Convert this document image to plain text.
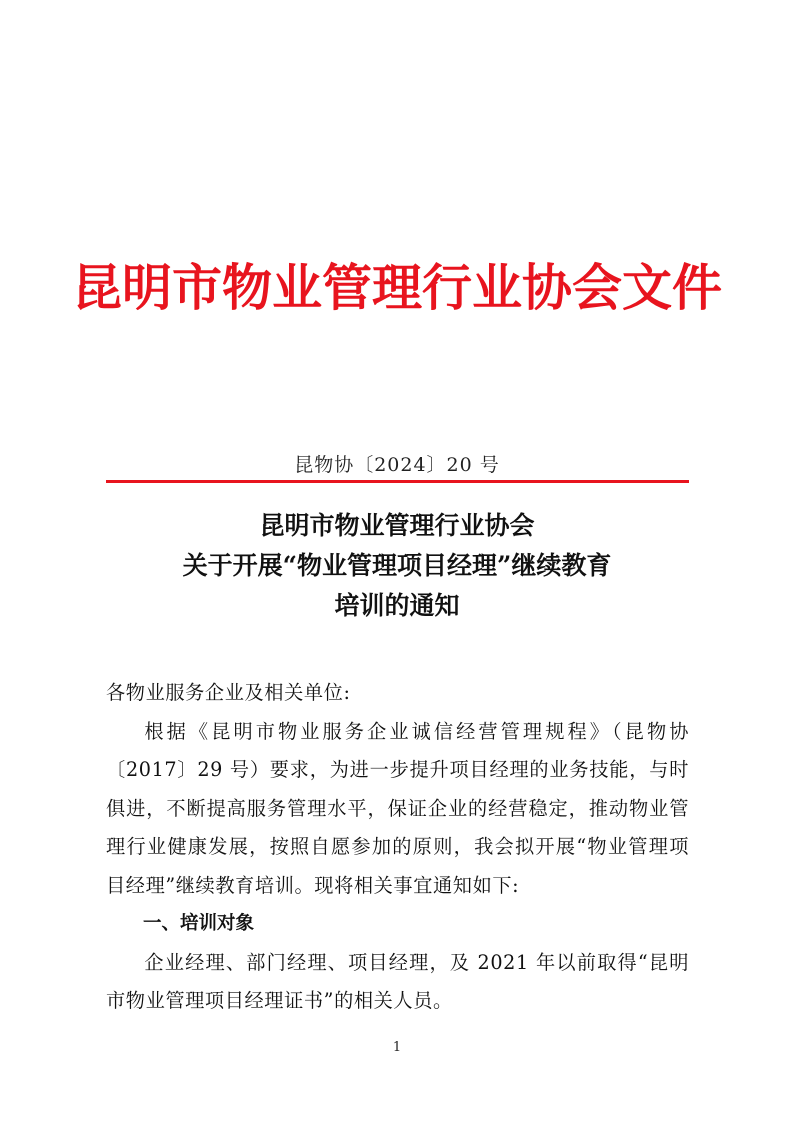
昆明市物业管理行业协会文件
昆物协〔2024〕20 号
昆明市物业管理行业协会
关于开展“物业管理项目经理”继续教育
培训的通知

各物业服务企业及相关单位:

根据《昆明市物业服务企业诚信经营管理规程》（昆物协〔2017〕29 号）要求，为进一步提升项目经理的业务技能，与时俱进，不断提高服务管理水平，保证企业的经营稳定，推动物业管理行业健康发展，按照自愿参加的原则，我会拟开展“物业管理项目经理”继续教育培训。现将相关事宜通知如下:

一、培训对象

企业经理、部门经理、项目经理，及 2021 年以前取得“昆明市物业管理项目经理证书”的相关人员。

1
